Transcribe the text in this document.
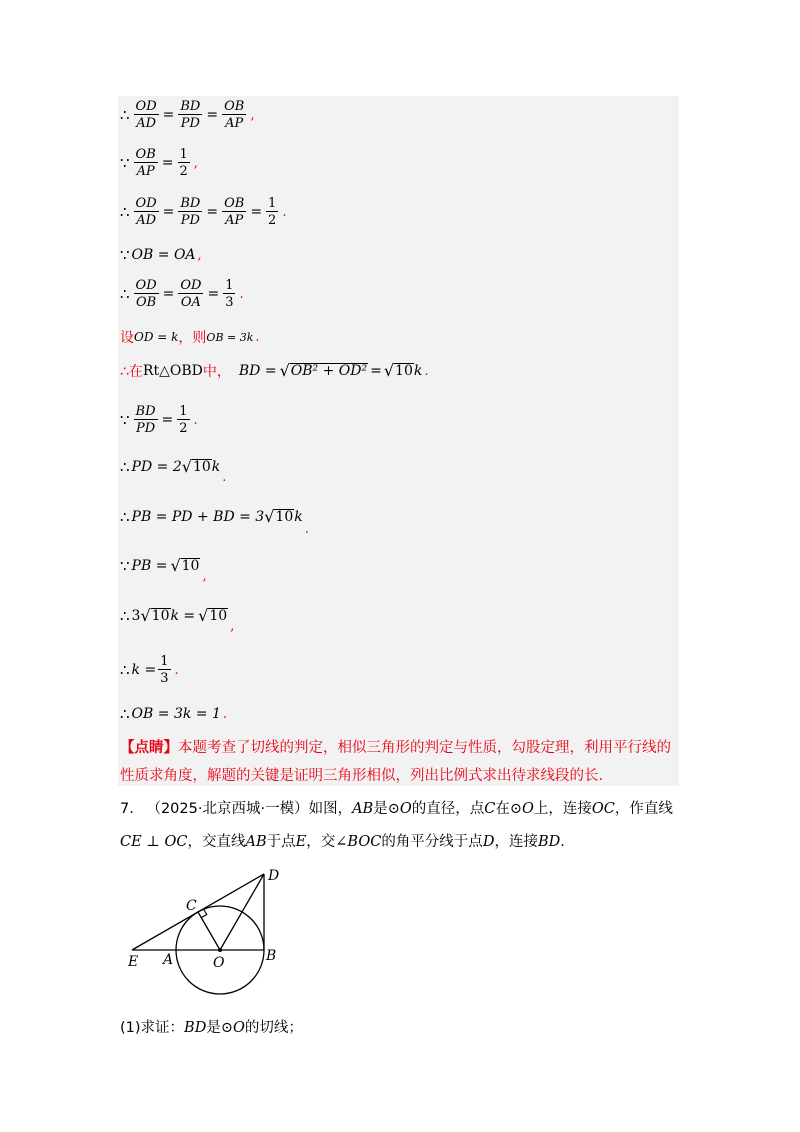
∴ $\frac{OD}{AD} = \frac{BD}{PD} = \frac{OB}{AP}$ ,
∵ $\frac{OB}{AP} = \frac{1}{2}$ ,
∴ $\frac{OD}{AD} = \frac{BD}{PD} = \frac{OB}{AP} = \frac{1}{2}$ .
∵ OB = OA ,
∴ $\frac{OD}{OB} = \frac{OD}{OA} = \frac{1}{3}$ .
设 OD = k ，则 OB = 3k .
∴在 Rt△OBD 中， BD = √ OB² + OD² = √ 10 k .
∵ $\frac{BD}{PD} = \frac{1}{2}$ .
∴ PD = 2 √ 10 k
.
∴ PB = PD + BD = 3 √ 10 k
.
∵ PB = √ 10
,
∴ 3 √ 10 k = √ 10
,
∴ $k = \frac{1}{3}$ .
∴ OB = 3k = 1 .
【点睛】本题考查了切线的判定，相似三角形的判定与性质，勾股定理，利用平行线的性质求角度，解题的关键是证明三角形相似，列出比例式求出待求线段的长.
7. （2025·北京西城·一模）如图，AB是⊙O的直径，点C在⊙O上，连接OC，作直线
CE ⊥ OC，交直线AB于点E，交∠BOC的角平分线于点D，连接BD.
D
C
E A	O	B
(1)求证：BD是⊙O的切线；
